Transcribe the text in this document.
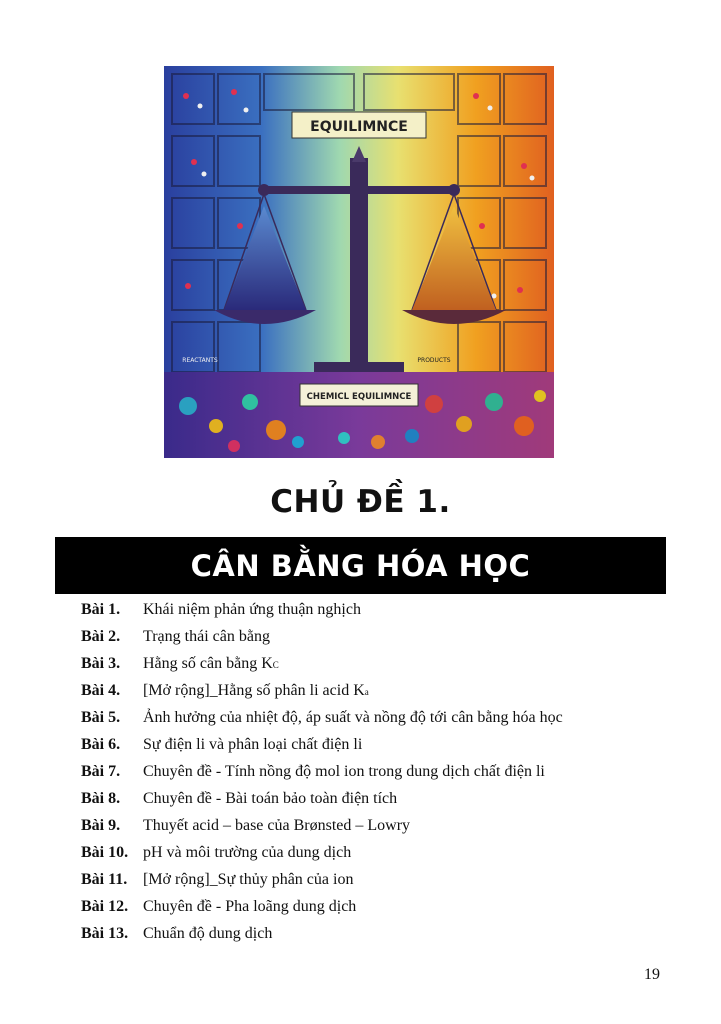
EQUILIMNCE
CHEMICL EQUILIMNCE
REACTANTS	PRODUCTS
CHỦ ĐỀ 1.
CÂN BẰNG HÓA HỌC
Bài 1.	Khái niệm phản ứng thuận nghịch
Bài 2.	Trạng thái cân bằng
Bài 3.	Hằng số cân bằng KC
Bài 4.	[Mở rộng]_Hằng số phân li acid Ka
Bài 5.	Ảnh hưởng của nhiệt độ, áp suất và nồng độ tới cân bằng hóa học
Bài 6.	Sự điện li và phân loại chất điện li
Bài 7.	Chuyên đề - Tính nồng độ mol ion trong dung dịch chất điện li
Bài 8.	Chuyên đề - Bài toán bảo toàn điện tích
Bài 9.	Thuyết acid – base của Brønsted – Lowry
Bài 10. pH và môi trường của dung dịch
Bài 11. [Mở rộng]_Sự thủy phân của ion
Bài 12. Chuyên đề - Pha loãng dung dịch
Bài 13. Chuẩn độ dung dịch
19
